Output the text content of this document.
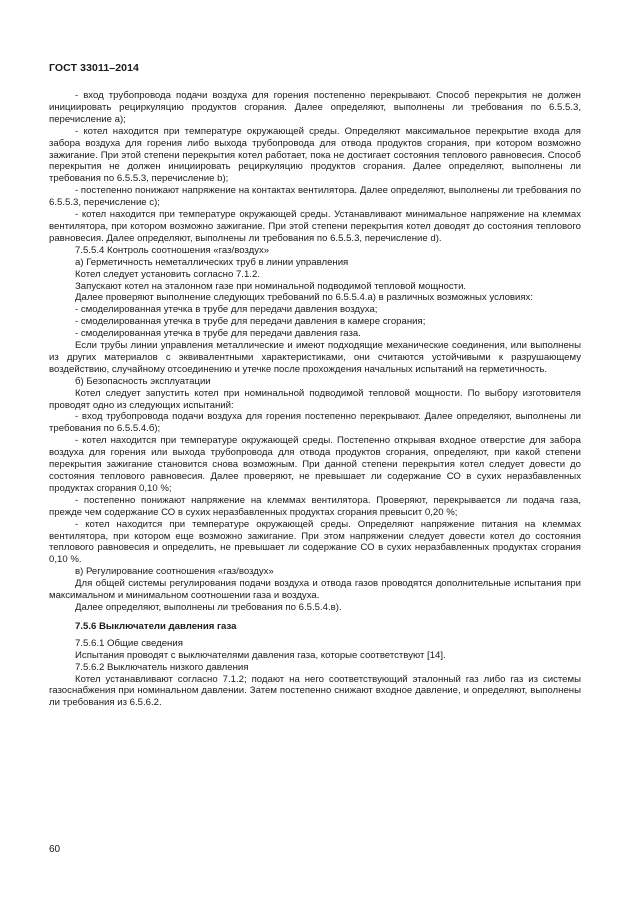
ГОСТ 33011–2014

- вход трубопровода подачи воздуха для горения постепенно перекрывают. Способ перекрытия не должен инициировать рециркуляцию продуктов сгорания. Далее определяют, выполнены ли требования по 6.5.5.3, перечисление a);

- котел находится при температуре окружающей среды. Определяют максимальное перекрытие входа для забора воздуха для горения либо выхода трубопровода для отвода продуктов сгорания, при котором возможно зажигание. При этой степени перекрытия котел работает, пока не достигает состояния теплового равновесия. Способ перекрытия не должен инициировать рециркуляцию продуктов сгорания. Далее определяют, выполнены ли требования по 6.5.5.3, перечисление b);

- постепенно понижают напряжение на контактах вентилятора. Далее определяют, выполнены ли требования по 6.5.5.3, перечисление c);

- котел находится при температуре окружающей среды. Устанавливают минимальное напряжение на клеммах вентилятора, при котором возможно зажигание. При этой степени перекрытия котел доводят до состояния теплового равновесия. Далее определяют, выполнены ли требования по 6.5.5.3, перечисление d).

7.5.5.4 Контроль соотношения «газ/воздух»

а) Герметичность неметаллических труб в линии управления

Котел следует установить согласно 7.1.2.

Запускают котел на эталонном газе при номинальной подводимой тепловой мощности.

Далее проверяют выполнение следующих требований по 6.5.5.4.а) в различных возможных условиях:

- смоделированная утечка в трубе для передачи давления воздуха;

- смоделированная утечка в трубе для передачи давления в камере сгорания;

- смоделированная утечка в трубе для передачи давления газа.

Если трубы линии управления металлические и имеют подходящие механические соединения, или выполнены из других материалов с эквивалентными характеристиками, они считаются устойчивыми к разрушающему воздействию, случайному отсоединению и утечке после прохождения начальных испытаний на герметичность.

б) Безопасность эксплуатации

Котел следует запустить котел при номинальной подводимой тепловой мощности. По выбору изготовителя проводят одно из следующих испытаний:

- вход трубопровода подачи воздуха для горения постепенно перекрывают. Далее определяют, выполнены ли требования по 6.5.5.4.б);

- котел находится при температуре окружающей среды. Постепенно открывая входное отверстие для забора воздуха для горения или выхода трубопровода для отвода продуктов сгорания, определяют, при какой степени перекрытия зажигание становится снова возможным. При данной степени перекрытия котел следует довести до состояния теплового равновесия. Далее проверяют, не превышает ли содержание СО в сухих неразбавленных продуктах сгорания 0,10 %;

- постепенно понижают напряжение на клеммах вентилятора. Проверяют, перекрывается ли подача газа, прежде чем содержание СО в сухих неразбавленных продуктах сгорания превысит 0,20 %;

- котел находится при температуре окружающей среды. Определяют напряжение питания на клеммах вентилятора, при котором еще возможно зажигание. При этом напряжении следует довести котел до состояния теплового равновесия и определить, не превышает ли содержание СО в сухих неразбавленных продуктах сгорания 0,10 %.

в) Регулирование соотношения «газ/воздух»

Для общей системы регулирования подачи воздуха и отвода газов проводятся дополнительные испытания при максимальном и минимальном соотношении газа и воздуха.

Далее определяют, выполнены ли требования по 6.5.5.4.в).

7.5.6 Выключатели давления газа

7.5.6.1 Общие сведения

Испытания проводят с выключателями давления газа, которые соответствуют [14].

7.5.6.2 Выключатель низкого давления

Котел устанавливают согласно 7.1.2; подают на него соответствующий эталонный газ либо газ из системы газоснабжения при номинальном давлении. Затем постепенно снижают входное давление, и определяют, выполнены ли требования из 6.5.6.2.

60
